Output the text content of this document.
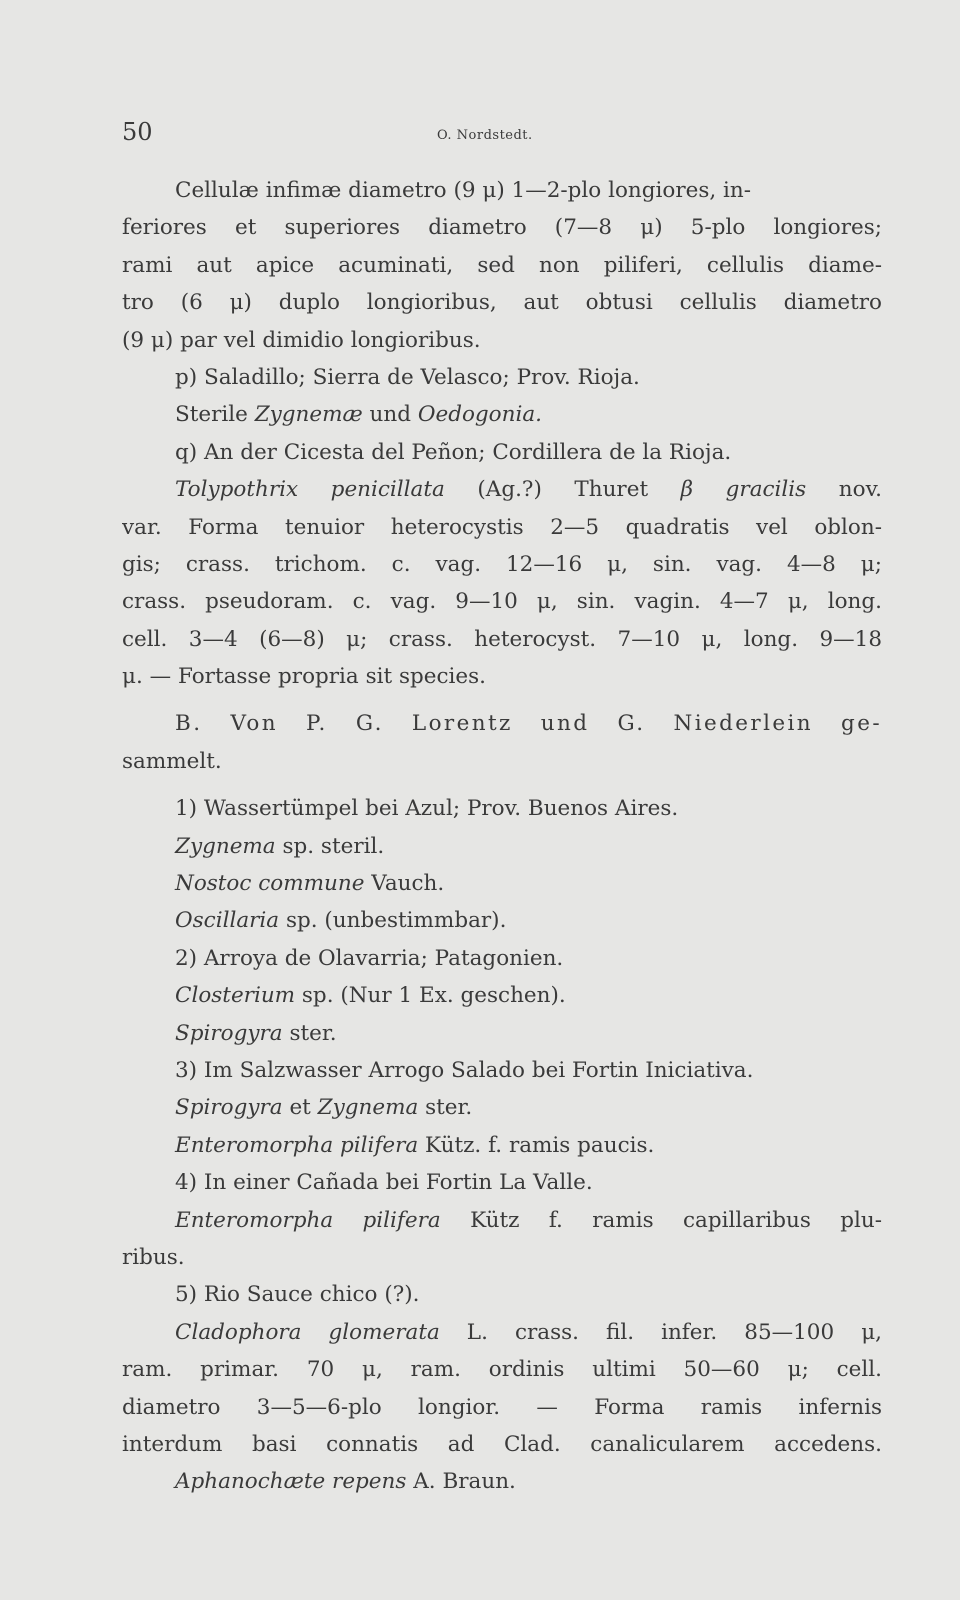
50	O. Nordstedt.
Cellulæ infimæ diametro (9 μ) 1—2-plo longiores, in-
feriores et superiores diametro (7—8 μ) 5-plo longiores;
rami aut apice acuminati, sed non piliferi, cellulis diame-
tro (6 μ) duplo longioribus, aut obtusi cellulis diametro
(9 μ) par vel dimidio longioribus.
p) Saladillo; Sierra de Velasco; Prov. Rioja.
Sterile Zygnemæ und Oedogonia.
q) An der Cicesta del Peñon; Cordillera de la Rioja.
Tolypothrix penicillata (Ag.?) Thuret β gracilis nov.
var. Forma tenuior heterocystis 2—5 quadratis vel oblon-
gis; crass. trichom. c. vag. 12—16 μ, sin. vag. 4—8 μ;
crass. pseudoram. c. vag. 9—10 μ, sin. vagin. 4—7 μ, long.
cell. 3—4 (6—8) μ; crass. heterocyst. 7—10 μ, long. 9—18
μ. — Fortasse propria sit species.
B. Von P. G. Lorentz und G. Niederlein ge-
sammelt.
1) Wassertümpel bei Azul; Prov. Buenos Aires.
Zygnema sp. steril.
Nostoc commune Vauch.
Oscillaria sp. (unbestimmbar).
2) Arroya de Olavarria; Patagonien.
Closterium sp. (Nur 1 Ex. geschen).
Spirogyra ster.
3) Im Salzwasser Arrogo Salado bei Fortin Iniciativa.
Spirogyra et Zygnema ster.
Enteromorpha pilifera Kütz. f. ramis paucis.
4) In einer Cañada bei Fortin La Valle.
Enteromorpha pilifera Kütz f. ramis capillaribus plu-
ribus.
5) Rio Sauce chico (?).
Cladophora glomerata L. crass. fil. infer. 85—100 μ,
ram. primar. 70 μ, ram. ordinis ultimi 50—60 μ; cell.
diametro 3—5—6-plo longior. — Forma ramis infernis
interdum basi connatis ad Clad. canalicularem accedens.
Aphanochæte repens A. Braun.
